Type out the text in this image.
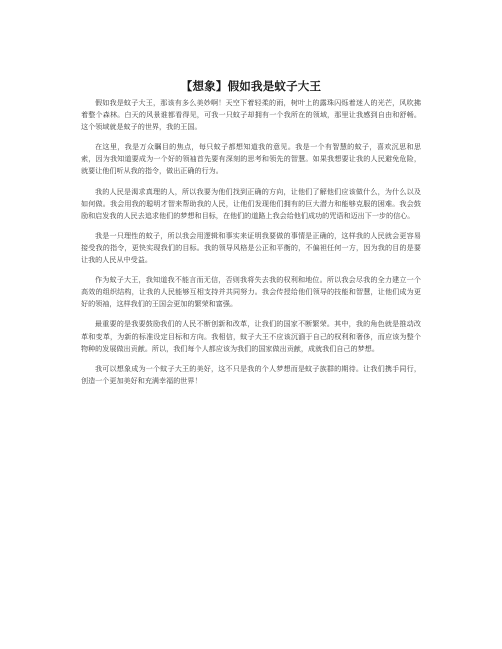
【想象】假如我是蚊子大王

假如我是蚊子大王，那该有多么美妙啊！天空下着轻柔的雨，树叶上的露珠闪烁着迷人的光芒，风吹拂着整个森林。白天的风景谁都看得见，可我一只蚊子却拥有一个我所在的领域，那里让我感到自由和舒畅。这个领域就是蚊子的世界，我的王国。

在这里，我是万众瞩目的焦点，每只蚊子都想知道我的意见。我是一个有智慧的蚊子，喜欢沉思和思索，因为我知道要成为一个好的领袖首先要有深刻的思考和领先的智慧。如果我想要让我的人民避免危险，就要让他们听从我的指令，做出正确的行为。

我的人民是渴求真理的人，所以我要为他们找到正确的方向，让他们了解他们应该做什么，为什么以及如何做。我会用我的聪明才智来帮助我的人民，让他们发现他们拥有的巨大潜力和能够克服的困难。我会鼓励和启发我的人民去追求他们的梦想和目标，在他们的道路上我会给他们成功的咒语和迈出下一步的信心。

我是一只理性的蚊子，所以我会用逻辑和事实来证明我要做的事情是正确的，这样我的人民就会更容易接受我的指令，更快实现我们的目标。我的领导风格是公正和平衡的，不偏袒任何一方，因为我的目的是要让我的人民从中受益。

作为蚊子大王，我知道我不能言而无信，否则我将失去我的权利和地位。所以我会尽我的全力建立一个高效的组织结构，让我的人民能够互相支持并共同努力。我会传授给他们领导的技能和智慧，让他们成为更好的领袖，这样我们的王国会更加的繁荣和富强。

最重要的是我要鼓励我们的人民不断创新和改革，让我们的国家不断繁荣。其中，我的角色就是推动改革和变革，为新的标准设定目标和方向。我相信，蚊子大王不应该沉湎于自己的权利和奢侈，而应该为整个物种的发展做出贡献。所以，我们每个人都应该为我们的国家做出贡献，成就我们自己的梦想。

我可以想象成为一个蚊子大王的美好，这不只是我的个人梦想而是蚊子族群的期待。让我们携手同行，创造一个更加美好和充满幸福的世界！
